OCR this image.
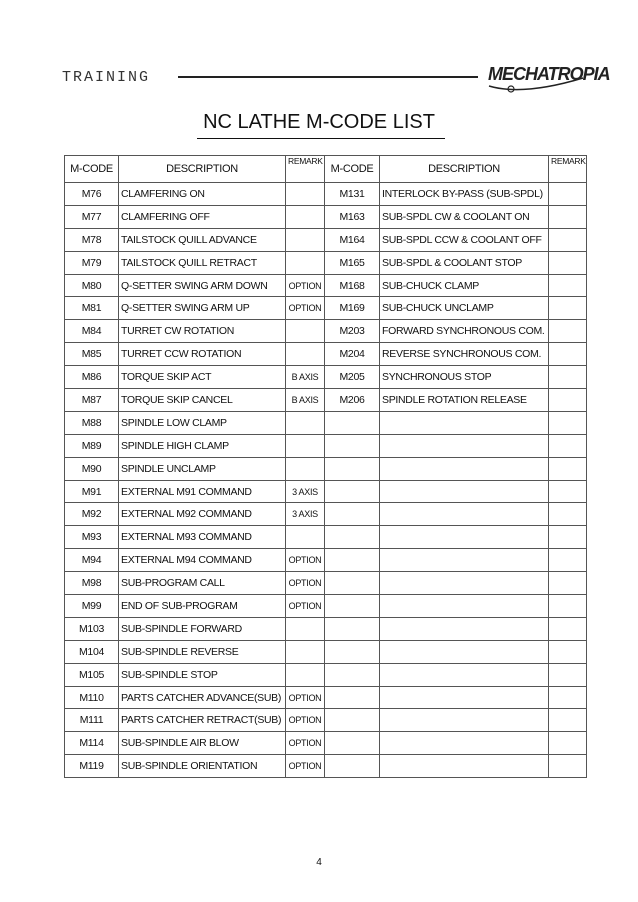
TRAINING	MECHATROPIA
NC LATHE M-CODE LIST
M-CODE	DESCRIPTION	REMARK	M-CODE	DESCRIPTION	REMARK
M76	CLAMFERING ON		M131	INTERLOCK BY-PASS (SUB-SPDL)	
M77	CLAMFERING OFF		M163	SUB-SPDL CW & COOLANT ON	
M78	TAILSTOCK QUILL ADVANCE		M164	SUB-SPDL CCW & COOLANT OFF	
M79	TAILSTOCK QUILL RETRACT		M165	SUB-SPDL & COOLANT STOP	
M80	Q-SETTER SWING ARM DOWN	OPTION	M168	SUB-CHUCK CLAMP	
M81	Q-SETTER SWING ARM UP	OPTION	M169	SUB-CHUCK UNCLAMP	
M84	TURRET CW ROTATION		M203	FORWARD SYNCHRONOUS COM.	
M85	TURRET CCW ROTATION		M204	REVERSE SYNCHRONOUS COM.	
M86	TORQUE SKIP ACT	B AXIS	M205	SYNCHRONOUS STOP	
M87	TORQUE SKIP CANCEL	B AXIS	M206	SPINDLE ROTATION RELEASE	
M88	SPINDLE LOW CLAMP				
M89	SPINDLE HIGH CLAMP				
M90	SPINDLE UNCLAMP				
M91	EXTERNAL M91 COMMAND	3 AXIS			
M92	EXTERNAL M92 COMMAND	3 AXIS			
M93	EXTERNAL M93 COMMAND				
M94	EXTERNAL M94 COMMAND	OPTION			
M98	SUB-PROGRAM CALL	OPTION			
M99	END OF SUB-PROGRAM	OPTION			
M103	SUB-SPINDLE FORWARD				
M104	SUB-SPINDLE REVERSE				
M105	SUB-SPINDLE STOP				
M110	PARTS CATCHER ADVANCE(SUB)	OPTION			
M111	PARTS CATCHER RETRACT(SUB)	OPTION			
M114	SUB-SPINDLE AIR BLOW	OPTION			
M119	SUB-SPINDLE ORIENTATION	OPTION			
4
